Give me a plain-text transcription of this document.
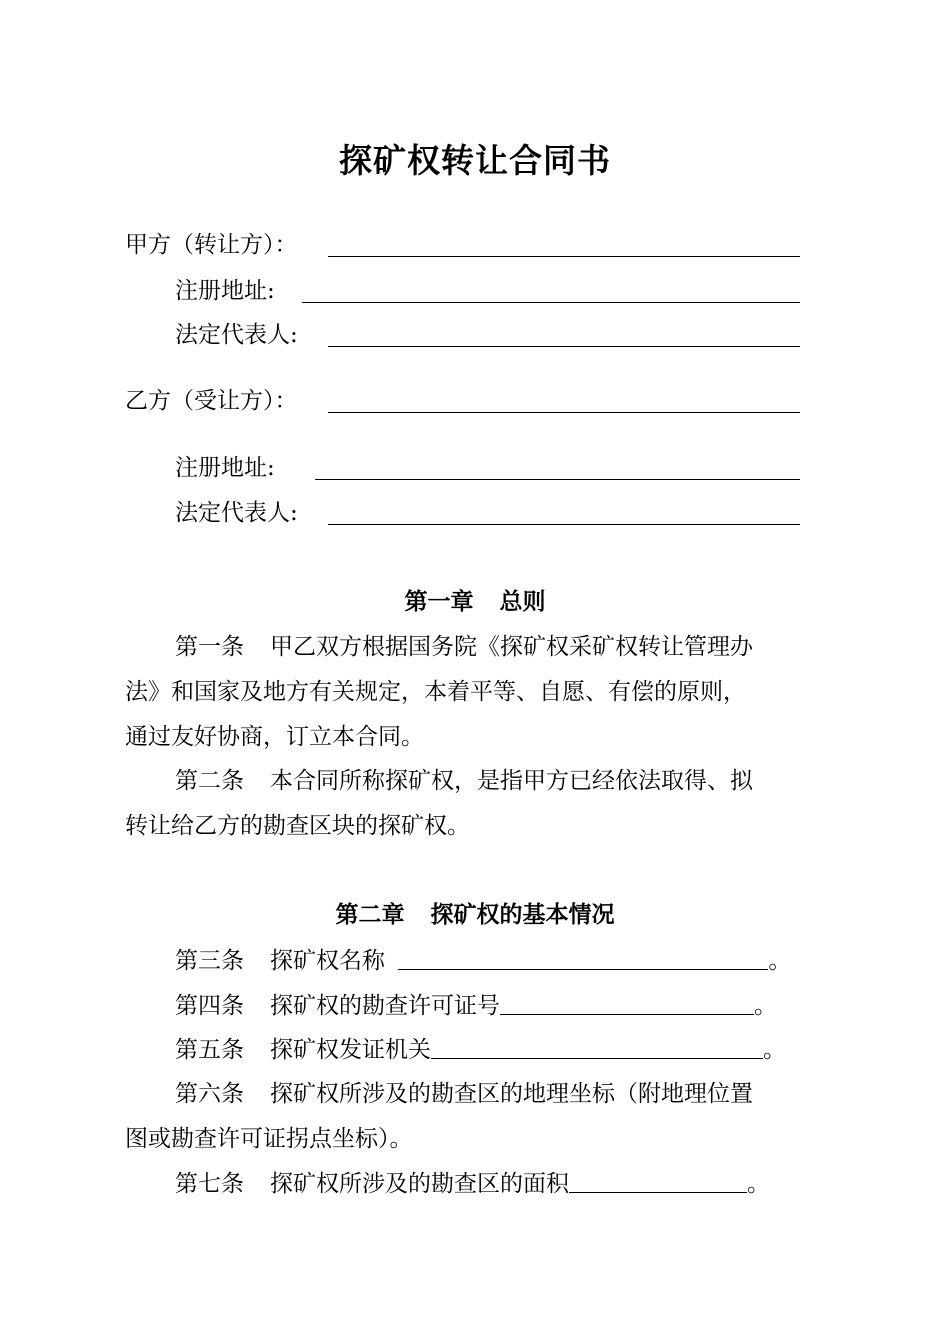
探矿权转让合同书
甲方（转让方）：
注册地址:
法定代表人:
乙方（受让方）：
注册地址:
法定代表人:
第一章 总则
第一条 甲乙双方根据国务院《探矿权采矿权转让管理办
法》和国家及地方有关规定，本着平等、自愿、有偿的原则，
通过友好协商，订立本合同。
第二条 本合同所称探矿权，是指甲方已经依法取得、拟
转让给乙方的勘查区块的探矿权。
第二章 探矿权的基本情况
第三条 探矿权名称	。
第四条 探矿权的勘查许可证号	。
第五条 探矿权发证机关	。
第六条 探矿权所涉及的勘查区的地理坐标（附地理位置
图或勘查许可证拐点坐标）。
第七条 探矿权所涉及的勘查区的面积	。
